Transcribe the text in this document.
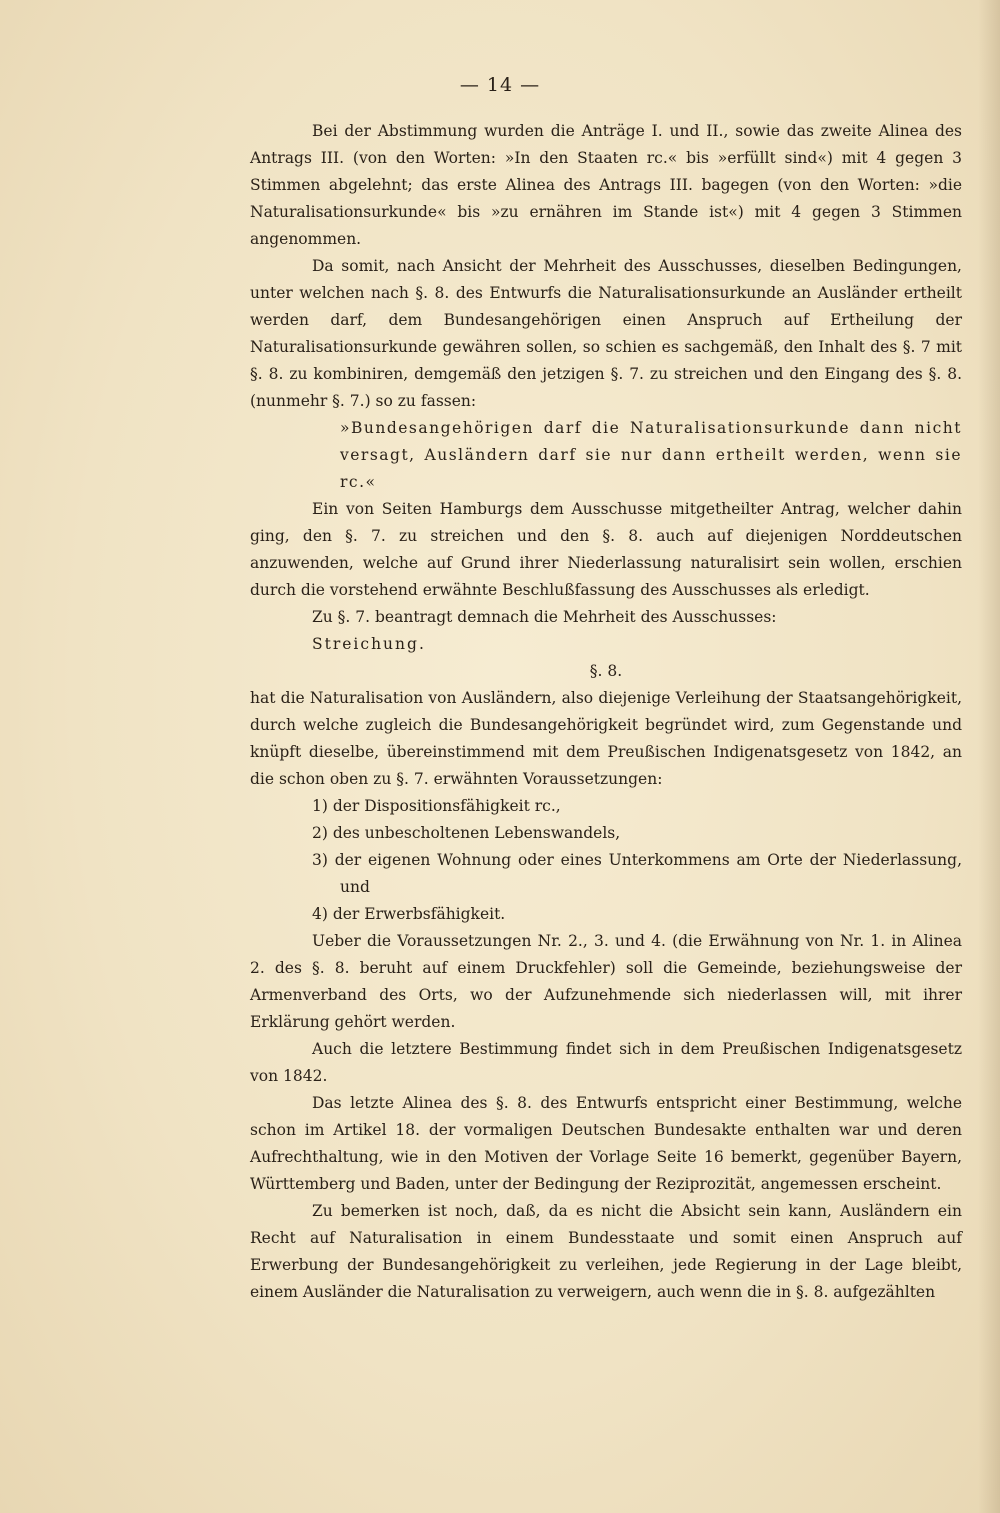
— 14 —

Bei der Abstimmung wurden die Anträge I. und II., sowie das zweite Alinea des Antrags III. (von den Worten: »In den Staaten rc.« bis »erfüllt sind«) mit 4 gegen 3 Stimmen abgelehnt; das erste Alinea des Antrags III. bagegen (von den Worten: »die Naturalisationsurkunde« bis »zu ernähren im Stande ist«) mit 4 gegen 3 Stimmen angenommen.

Da somit, nach Ansicht der Mehrheit des Ausschusses, dieselben Bedingungen, unter welchen nach §. 8. des Entwurfs die Naturalisationsurkunde an Ausländer ertheilt werden darf, dem Bundesangehörigen einen Anspruch auf Ertheilung der Naturalisationsurkunde gewähren sollen, so schien es sachgemäß, den Inhalt des §. 7 mit §. 8. zu kombiniren, demgemäß den jetzigen §. 7. zu streichen und den Eingang des §. 8. (nunmehr §. 7.) so zu fassen:

»Bundesangehörigen darf die Naturalisationsurkunde dann nicht versagt, Ausländern darf sie nur dann ertheilt werden, wenn sie rc.«

Ein von Seiten Hamburgs dem Ausschusse mitgetheilter Antrag, welcher dahin ging, den §. 7. zu streichen und den §. 8. auch auf diejenigen Norddeutschen anzuwenden, welche auf Grund ihrer Niederlassung naturalisirt sein wollen, erschien durch die vorstehend erwähnte Beschlußfassung des Ausschusses als erledigt.

Zu §. 7. beantragt demnach die Mehrheit des Ausschusses:

Streichung.

§. 8.

hat die Naturalisation von Ausländern, also diejenige Verleihung der Staatsangehörigkeit, durch welche zugleich die Bundesangehörigkeit begründet wird, zum Gegenstande und knüpft dieselbe, übereinstimmend mit dem Preußischen Indigenatsgesetz von 1842, an die schon oben zu §. 7. erwähnten Voraussetzungen:

1) der Dispositionsfähigkeit rc.,
2) des unbescholtenen Lebenswandels,
3) der eigenen Wohnung oder eines Unterkommens am Orte der Niederlassung, und
4) der Erwerbsfähigkeit.

Ueber die Voraussetzungen Nr. 2., 3. und 4. (die Erwähnung von Nr. 1. in Alinea 2. des §. 8. beruht auf einem Druckfehler) soll die Gemeinde, beziehungsweise der Armenverband des Orts, wo der Aufzunehmende sich niederlassen will, mit ihrer Erklärung gehört werden.

Auch die letztere Bestimmung findet sich in dem Preußischen Indigenatsgesetz von 1842.

Das letzte Alinea des §. 8. des Entwurfs entspricht einer Bestimmung, welche schon im Artikel 18. der vormaligen Deutschen Bundesakte enthalten war und deren Aufrechthaltung, wie in den Motiven der Vorlage Seite 16 bemerkt, gegenüber Bayern, Württemberg und Baden, unter der Bedingung der Reziprozität, angemessen erscheint.

Zu bemerken ist noch, daß, da es nicht die Absicht sein kann, Ausländern ein Recht auf Naturalisation in einem Bundesstaate und somit einen Anspruch auf Erwerbung der Bundesangehörigkeit zu verleihen, jede Regierung in der Lage bleibt, einem Ausländer die Naturalisation zu verweigern, auch wenn die in §. 8. aufgezählten
